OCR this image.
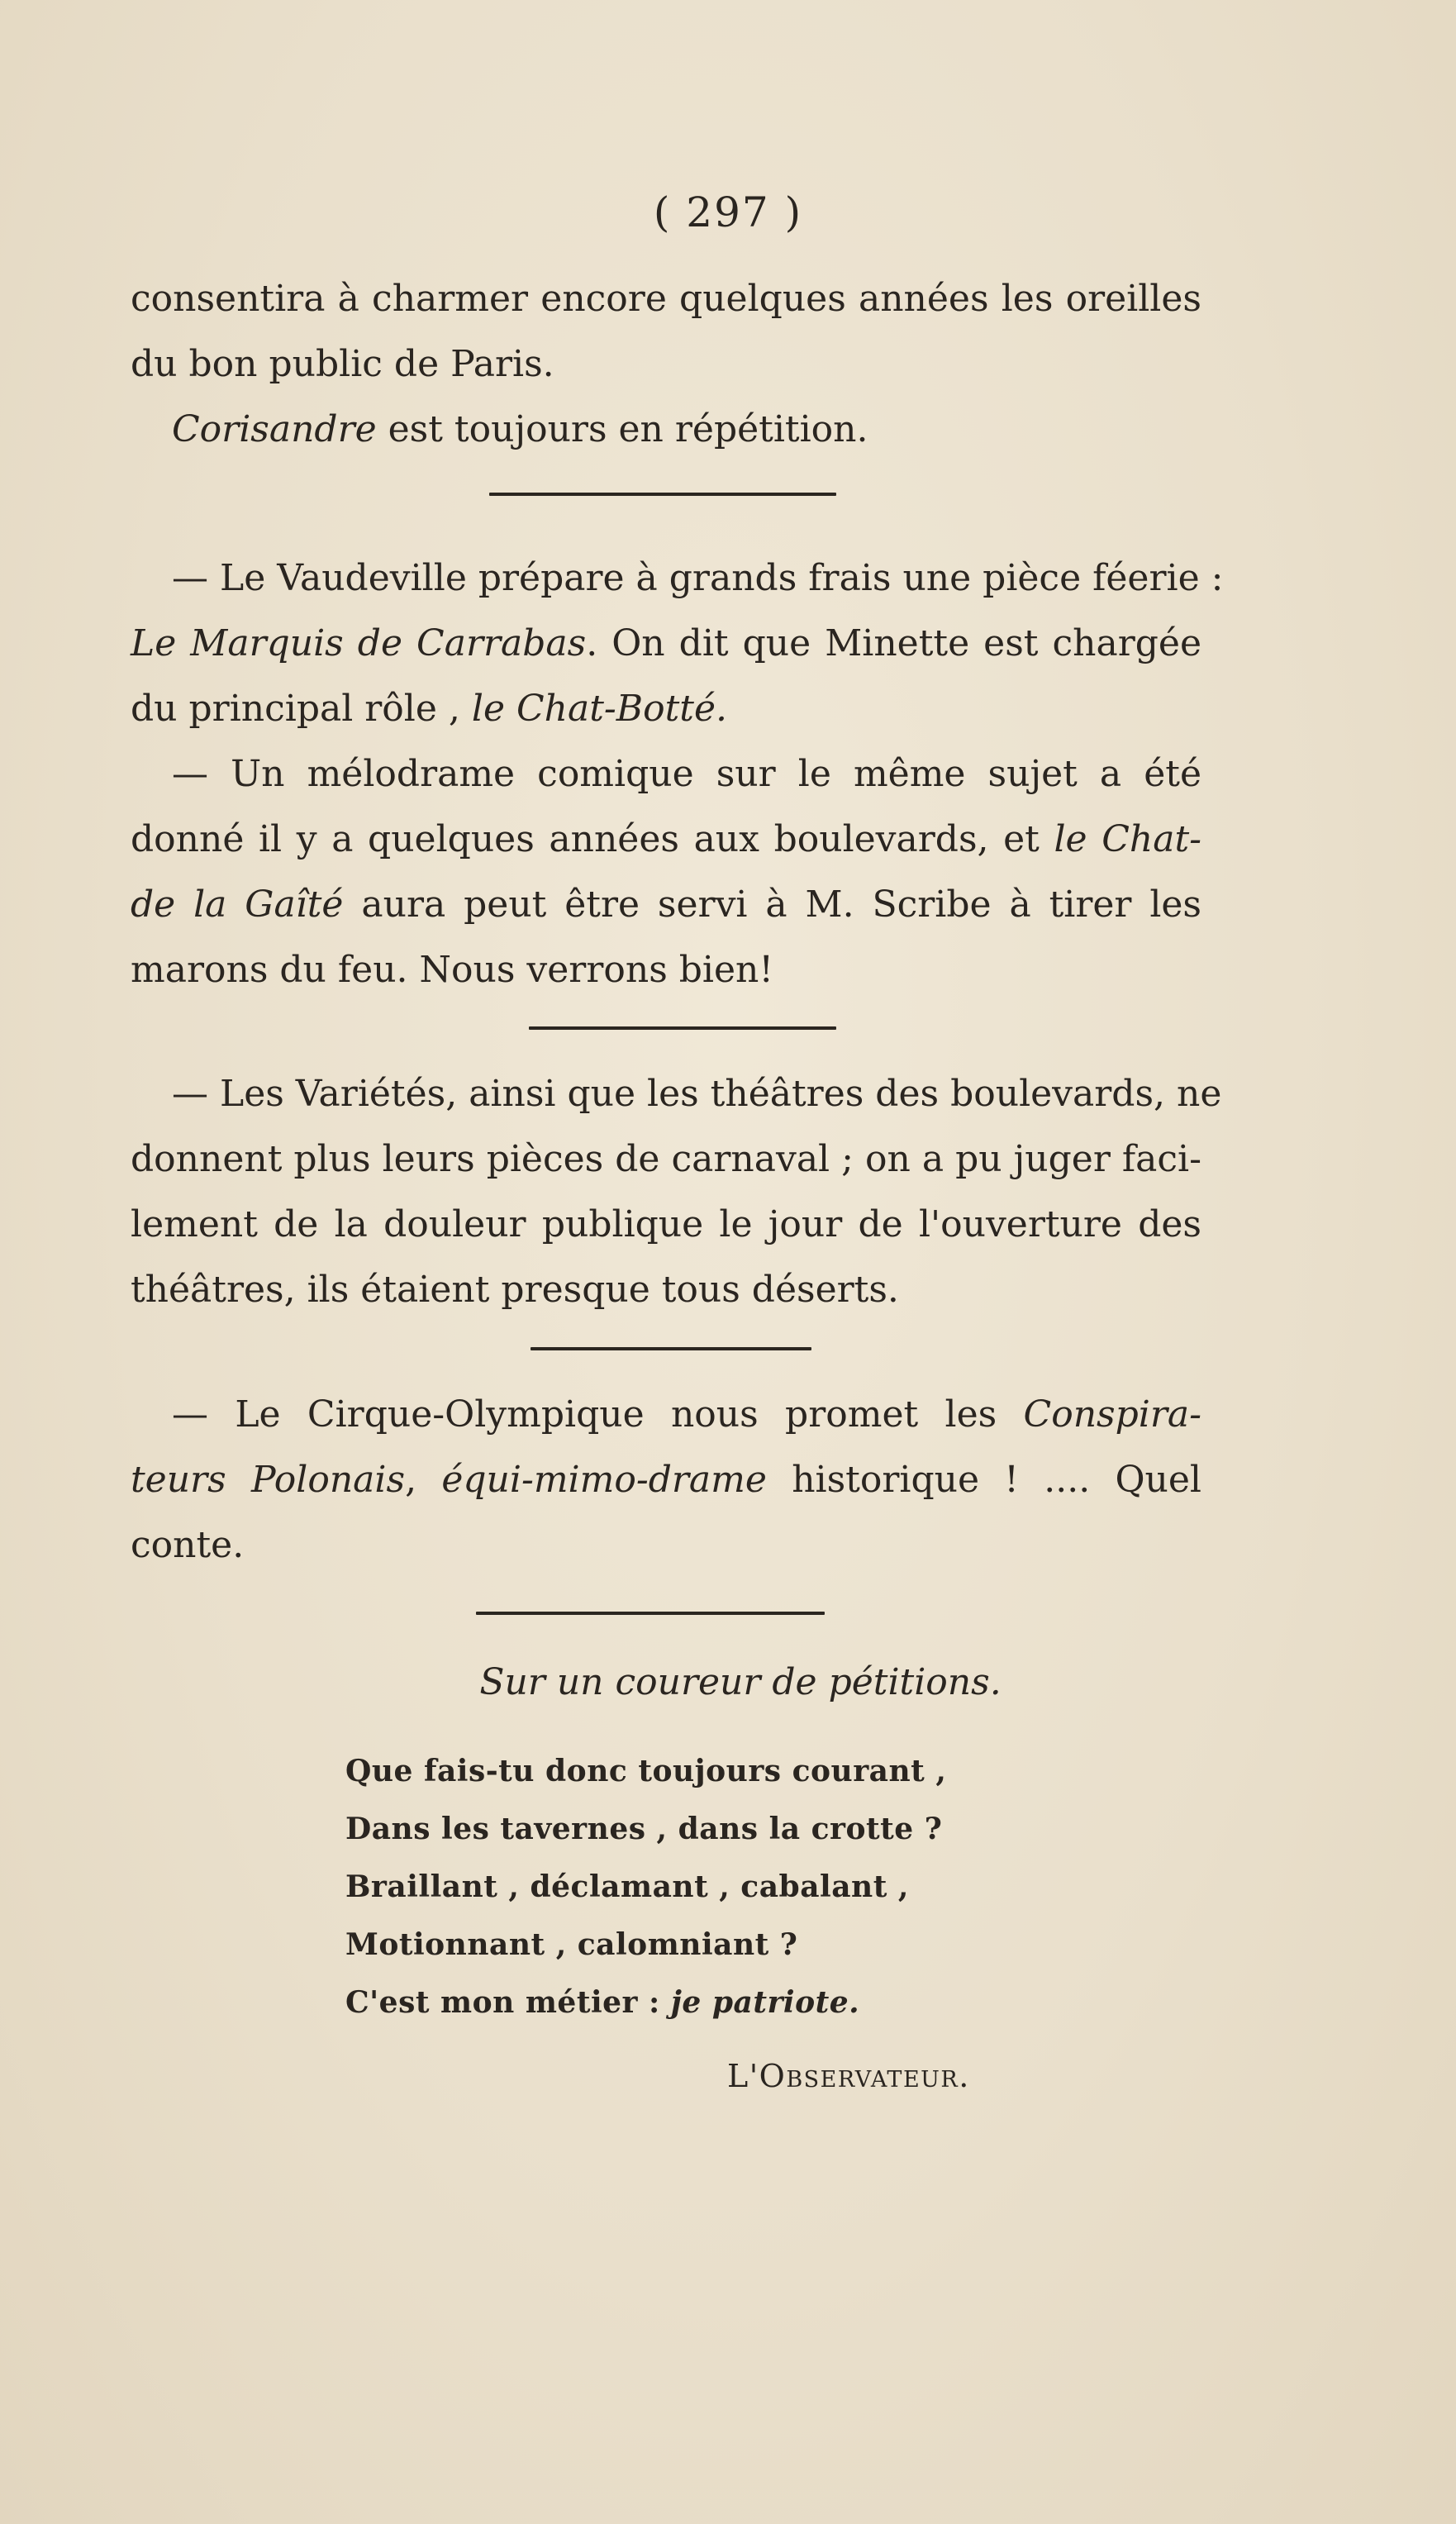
( 297 )
consentira à charmer encore quelques années les oreilles
du bon public de Paris.
Corisandre est toujours en répétition.
— Le Vaudeville prépare à grands frais une pièce féerie :
Le Marquis de Carrabas. On dit que Minette est chargée
du principal rôle , le Chat-Botté.
— Un mélodrame comique sur le même sujet a été
donné il y a quelques années aux boulevards, et le Chat-
de la Gaîté aura peut être servi à M. Scribe à tirer les
marons du feu. Nous verrons bien!
— Les Variétés, ainsi que les théâtres des boulevards, ne
donnent plus leurs pièces de carnaval ; on a pu juger faci-
lement de la douleur publique le jour de l'ouverture des
théâtres, ils étaient presque tous déserts.
— Le Cirque-Olympique nous promet les Conspira-
teurs Polonais, équi-mimo-drame historique ! .... Quel
conte.
Sur un coureur de pétitions.
Que fais-tu donc toujours courant ,
Dans les tavernes , dans la crotte ?
Braillant , déclamant , cabalant ,
Motionnant , calomniant ?
C'est mon métier : je patriote.
L'Observateur.
